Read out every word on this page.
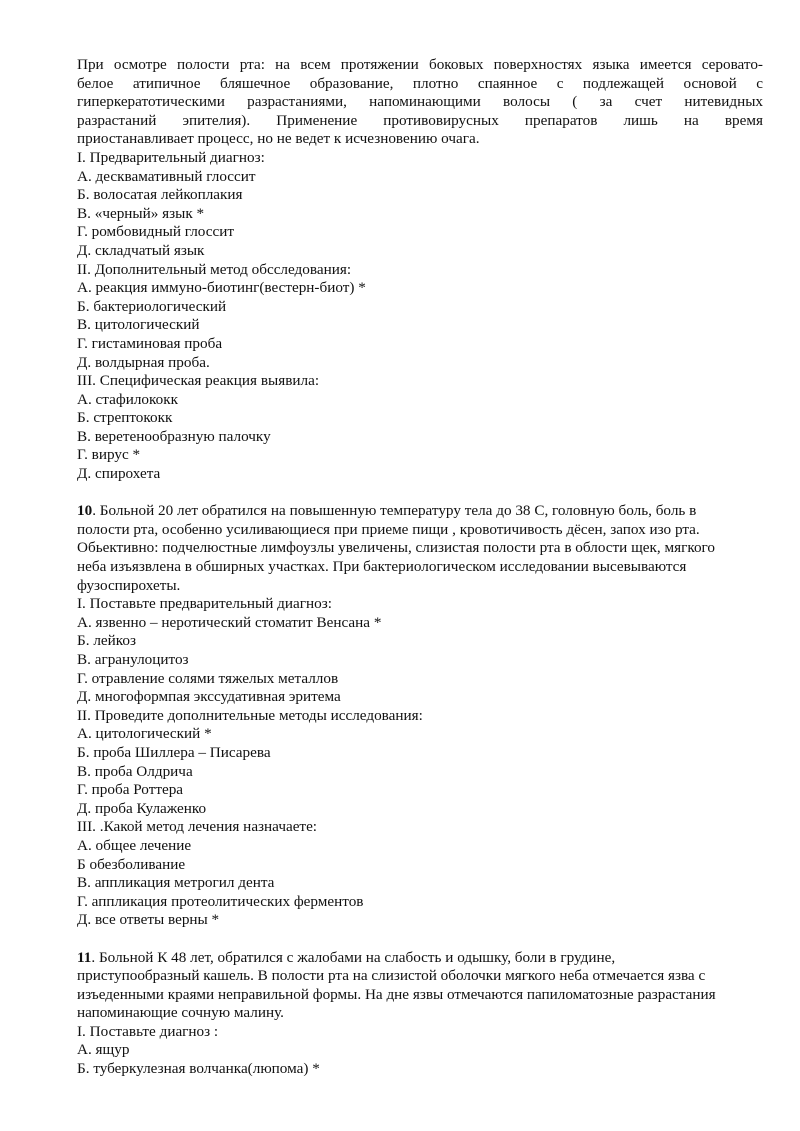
При осмотре полости рта: на всем протяжении боковых поверхностях языка имеется серовато-
белое атипичное бляшечное образование, плотно спаянное с подлежащей основой с
гиперкератотическими разрастаниями, напоминающими волосы ( за счет нитевидных
разрастаний эпителия). Применение противовирусных препаратов лишь на время
приостанавливает процесс, но не ведет к исчезновению очага.
I. Предварительный диагноз:
А. десквамативный глоссит
Б. волосатая лейкоплакия
В. «черный» язык *
Г. ромбовидный глоссит
Д. складчатый язык
II. Дополнительный метод обсследования:
А. реакция иммуно-биотинг(вестерн-биот) *
Б. бактериологический
В. цитологический
Г. гистаминовая проба
Д. волдырная проба.
III. Специфическая реакция выявила:
А. стафилококк
Б. стрептококк
В. веретенообразную палочку
Г. вирус *
Д. спирохета
10. Больной 20 лет обратился на повышенную температуру тела до 38 С, головную боль, боль в
полости рта, особенно усиливающиеся при приеме пищи , кровотичивость дёсен, запох изо рта.
Обьективно: подчелюстные лимфоузлы увеличены, слизистая полости рта в облости щек, мягкого
неба изъязвлена в обширных участках. При бактериологическом исследовании высевываются
фузоспирохеты.
I. Поставьте предварительный диагноз:
А. язвенно – неротический стоматит Венсана *
Б. лейкоз
В. агранулоцитоз
Г. отравление солями тяжелых металлов
Д. многоформпая экссудативная эритема
II. Проведите дополнительные методы исследования:
А. цитологический *
Б. проба Шиллера – Писарева
В. проба Олдрича
Г. проба Роттера
Д. проба Кулаженко
III. .Какой метод лечения назначаете:
А. общее лечение
Б обезболивание
В. аппликация метрогил дента
Г. аппликация протеолитических ферментов
Д. все ответы верны *
11. Больной К 48 лет, обратился с жалобами на слабость и одышку, боли в грудине,
приступообразный кашель. В полости рта на слизистой оболочки мягкого неба отмечается язва с
изъеденными краями неправильной формы. На дне язвы отмечаются папиломатозные разрастания
напоминающие сочную малину.
I. Поставьте диагноз :
А. ящур
Б. туберкулезная волчанка(люпома) *
